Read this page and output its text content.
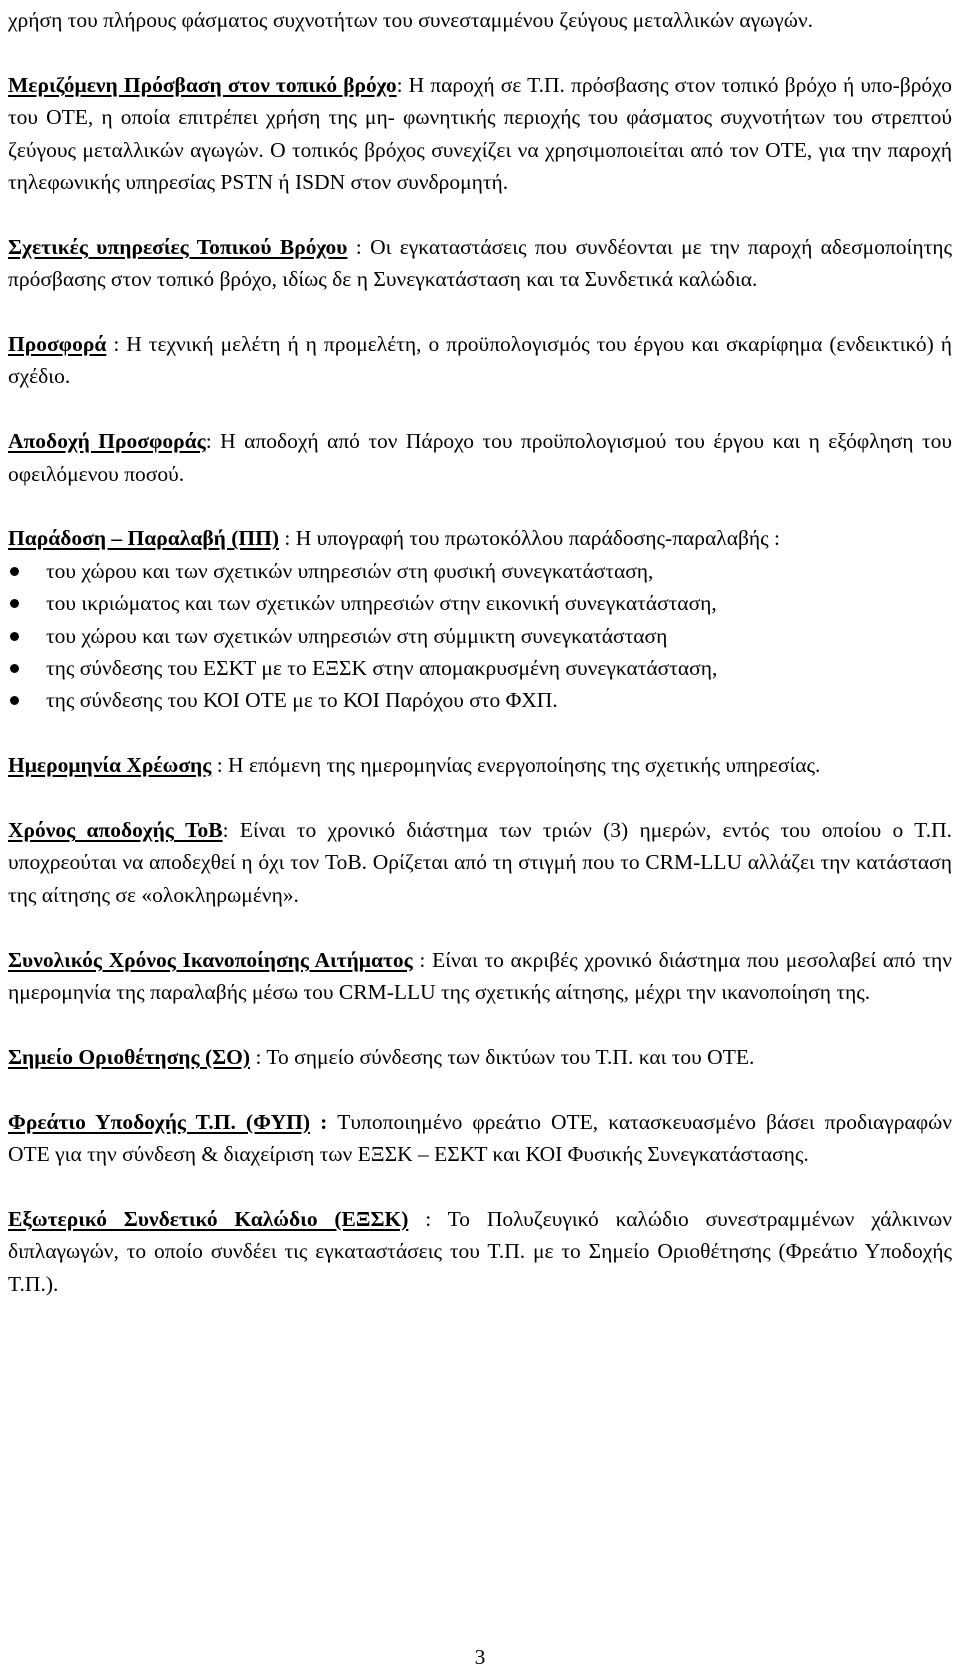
χρήση του πλήρους φάσματος συχνοτήτων του συνεσταμμένου ζεύγους μεταλλικών αγωγών.

Μεριζόμενη Πρόσβαση στον τοπικό βρόχο: Η παροχή σε Τ.Π. πρόσβασης στον τοπικό βρόχο ή υπο-βρόχο του ΟΤΕ, η οποία επιτρέπει χρήση της μη- φωνητικής περιοχής του φάσματος συχνοτήτων του στρεπτού ζεύγους μεταλλικών αγωγών. Ο τοπικός βρόχος συνεχίζει να χρησιμοποιείται από τον ΟΤΕ, για την παροχή τηλεφωνικής υπηρεσίας PSTN ή ISDN στον συνδρομητή.

Σχετικές υπηρεσίες Τοπικού Βρόχου : Οι εγκαταστάσεις που συνδέονται με την παροχή αδεσμοποίητης πρόσβασης στον τοπικό βρόχο, ιδίως δε η Συνεγκατάσταση και τα Συνδετικά καλώδια.

Προσφορά : Η τεχνική μελέτη ή η προμελέτη, ο προϋπολογισμός του έργου και σκαρίφημα (ενδεικτικό) ή σχέδιο.

Αποδοχή Προσφοράς: Η αποδοχή από τον Πάροχο του προϋπολογισμού του έργου και η εξόφληση του οφειλόμενου ποσού.

Παράδοση – Παραλαβή (ΠΠ) : Η υπογραφή του πρωτοκόλλου παράδοσης-παραλαβής :

του χώρου και των σχετικών υπηρεσιών στη φυσική συνεγκατάσταση,
του ικριώματος και των σχετικών υπηρεσιών στην εικονική συνεγκατάσταση,
του χώρου και των σχετικών υπηρεσιών στη σύμμικτη συνεγκατάσταση
της σύνδεσης του ΕΣΚΤ με το ΕΞΣΚ στην απομακρυσμένη συνεγκατάσταση,
της σύνδεσης του ΚΟΙ ΟΤΕ με το ΚΟΙ Παρόχου στο ΦΧΠ.

Ημερομηνία Χρέωσης : Η επόμενη της ημερομηνίας ενεργοποίησης της σχετικής υπηρεσίας.

Χρόνος αποδοχής ToB: Είναι το χρονικό διάστημα των τριών (3) ημερών, εντός του οποίου ο Τ.Π. υποχρεούται να αποδεχθεί η όχι τον ToB. Ορίζεται από τη στιγμή που το CRM-LLU αλλάζει την κατάσταση της αίτησης σε «ολοκληρωμένη».

Συνολικός Χρόνος Ικανοποίησης Αιτήματος : Είναι το ακριβές χρονικό διάστημα που μεσολαβεί από την ημερομηνία της παραλαβής μέσω του CRM-LLU της σχετικής αίτησης, μέχρι την ικανοποίηση της.

Σημείο Οριοθέτησης (ΣΟ) : Το σημείο σύνδεσης των δικτύων του Τ.Π. και του ΟΤΕ.

Φρεάτιο Υποδοχής Τ.Π. (ΦΥΠ) : Τυποποιημένο φρεάτιο ΟΤΕ, κατασκευασμένο βάσει προδιαγραφών ΟΤΕ για την σύνδεση & διαχείριση των ΕΞΣΚ – ΕΣΚΤ και ΚΟΙ Φυσικής Συνεγκατάστασης.

Εξωτερικό Συνδετικό Καλώδιο (ΕΞΣΚ) : Το Πολυζευγικό καλώδιο συνεστραμμένων χάλκινων διπλαγωγών, το οποίο συνδέει τις εγκαταστάσεις του Τ.Π. με το Σημείο Οριοθέτησης (Φρεάτιο Υποδοχής Τ.Π.).

3
